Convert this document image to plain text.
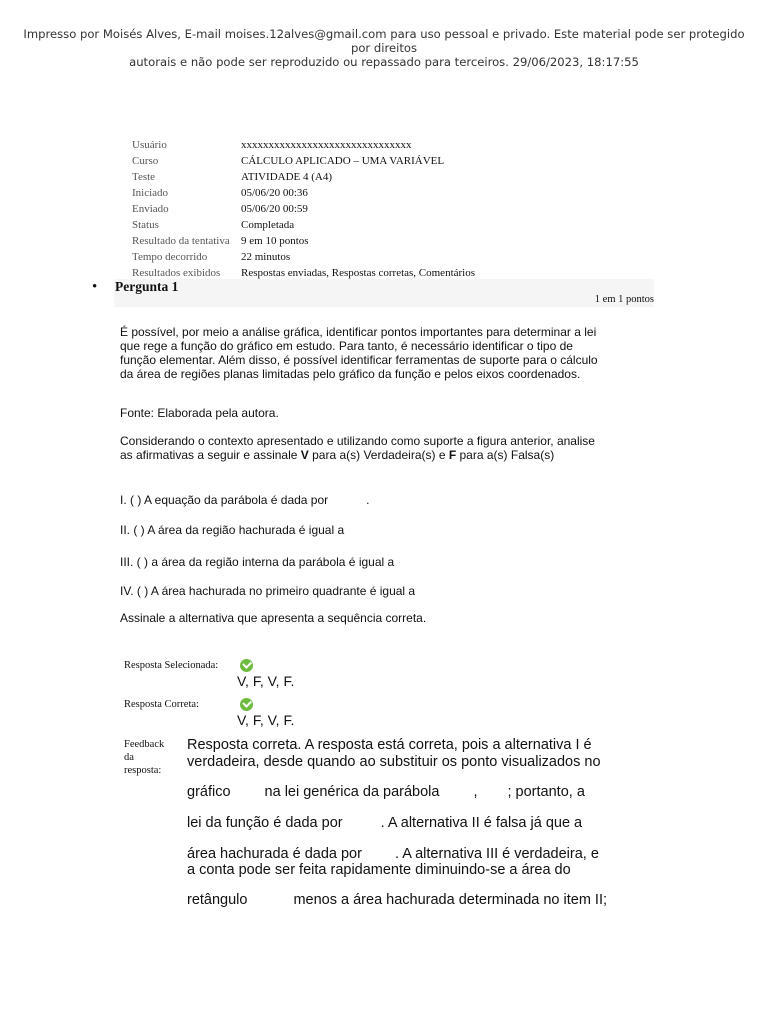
Impresso por Moisés Alves, E-mail moises.12alves@gmail.com para uso pessoal e privado. Este material pode ser protegido por direitos
autorais e não pode ser reproduzido ou repassado para terceiros. 29/06/2023, 18:17:55
Usuário	xxxxxxxxxxxxxxxxxxxxxxxxxxxxxxx
Curso	CÁLCULO APLICADO – UMA VARIÁVEL
Teste	ATIVIDADE 4 (A4)
Iniciado	05/06/20 00:36
Enviado	05/06/20 00:59
Status	Completada
Resultado da tentativa	9 em 10 pontos
Tempo decorrido	22 minutos
Resultados exibidos	Respostas enviadas, Respostas corretas, Comentários
• Pergunta 1
1 em 1 pontos
É possível, por meio a análise gráfica, identificar pontos importantes para determinar a lei
que rege a função do gráfico em estudo. Para tanto, é necessário identificar o tipo de
função elementar. Além disso, é possível identificar ferramentas de suporte para o cálculo
da área de regiões planas limitadas pelo gráfico da função e pelos eixos coordenados.
Fonte: Elaborada pela autora.
Considerando o contexto apresentado e utilizando como suporte a figura anterior, analise
as afirmativas a seguir e assinale V para a(s) Verdadeira(s) e F para a(s) Falsa(s)
I. ( ) A equação da parábola é dada por	.
II. ( ) A área da região hachurada é igual a
III. ( ) a área da região interna da parábola é igual a
IV. ( ) A área hachurada no primeiro quadrante é igual a
Assinale a alternativa que apresenta a sequência correta.
Resposta Selecionada:
V, F, V, F.
Resposta Correta:
V, F, V, F.
Feedback
da
resposta:
Resposta correta. A resposta está correta, pois a alternativa I é
verdadeira, desde quando ao substituir os ponto visualizados no
gráfico na lei genérica da parábola , ; portanto, a
lei da função é dada por	. A alternativa II é falsa já que a
área hachurada é dada por . A alternativa III é verdadeira, e
a conta pode ser feita rapidamente diminuindo-se a área do
retângulo	menos a área hachurada determinada no item II;
